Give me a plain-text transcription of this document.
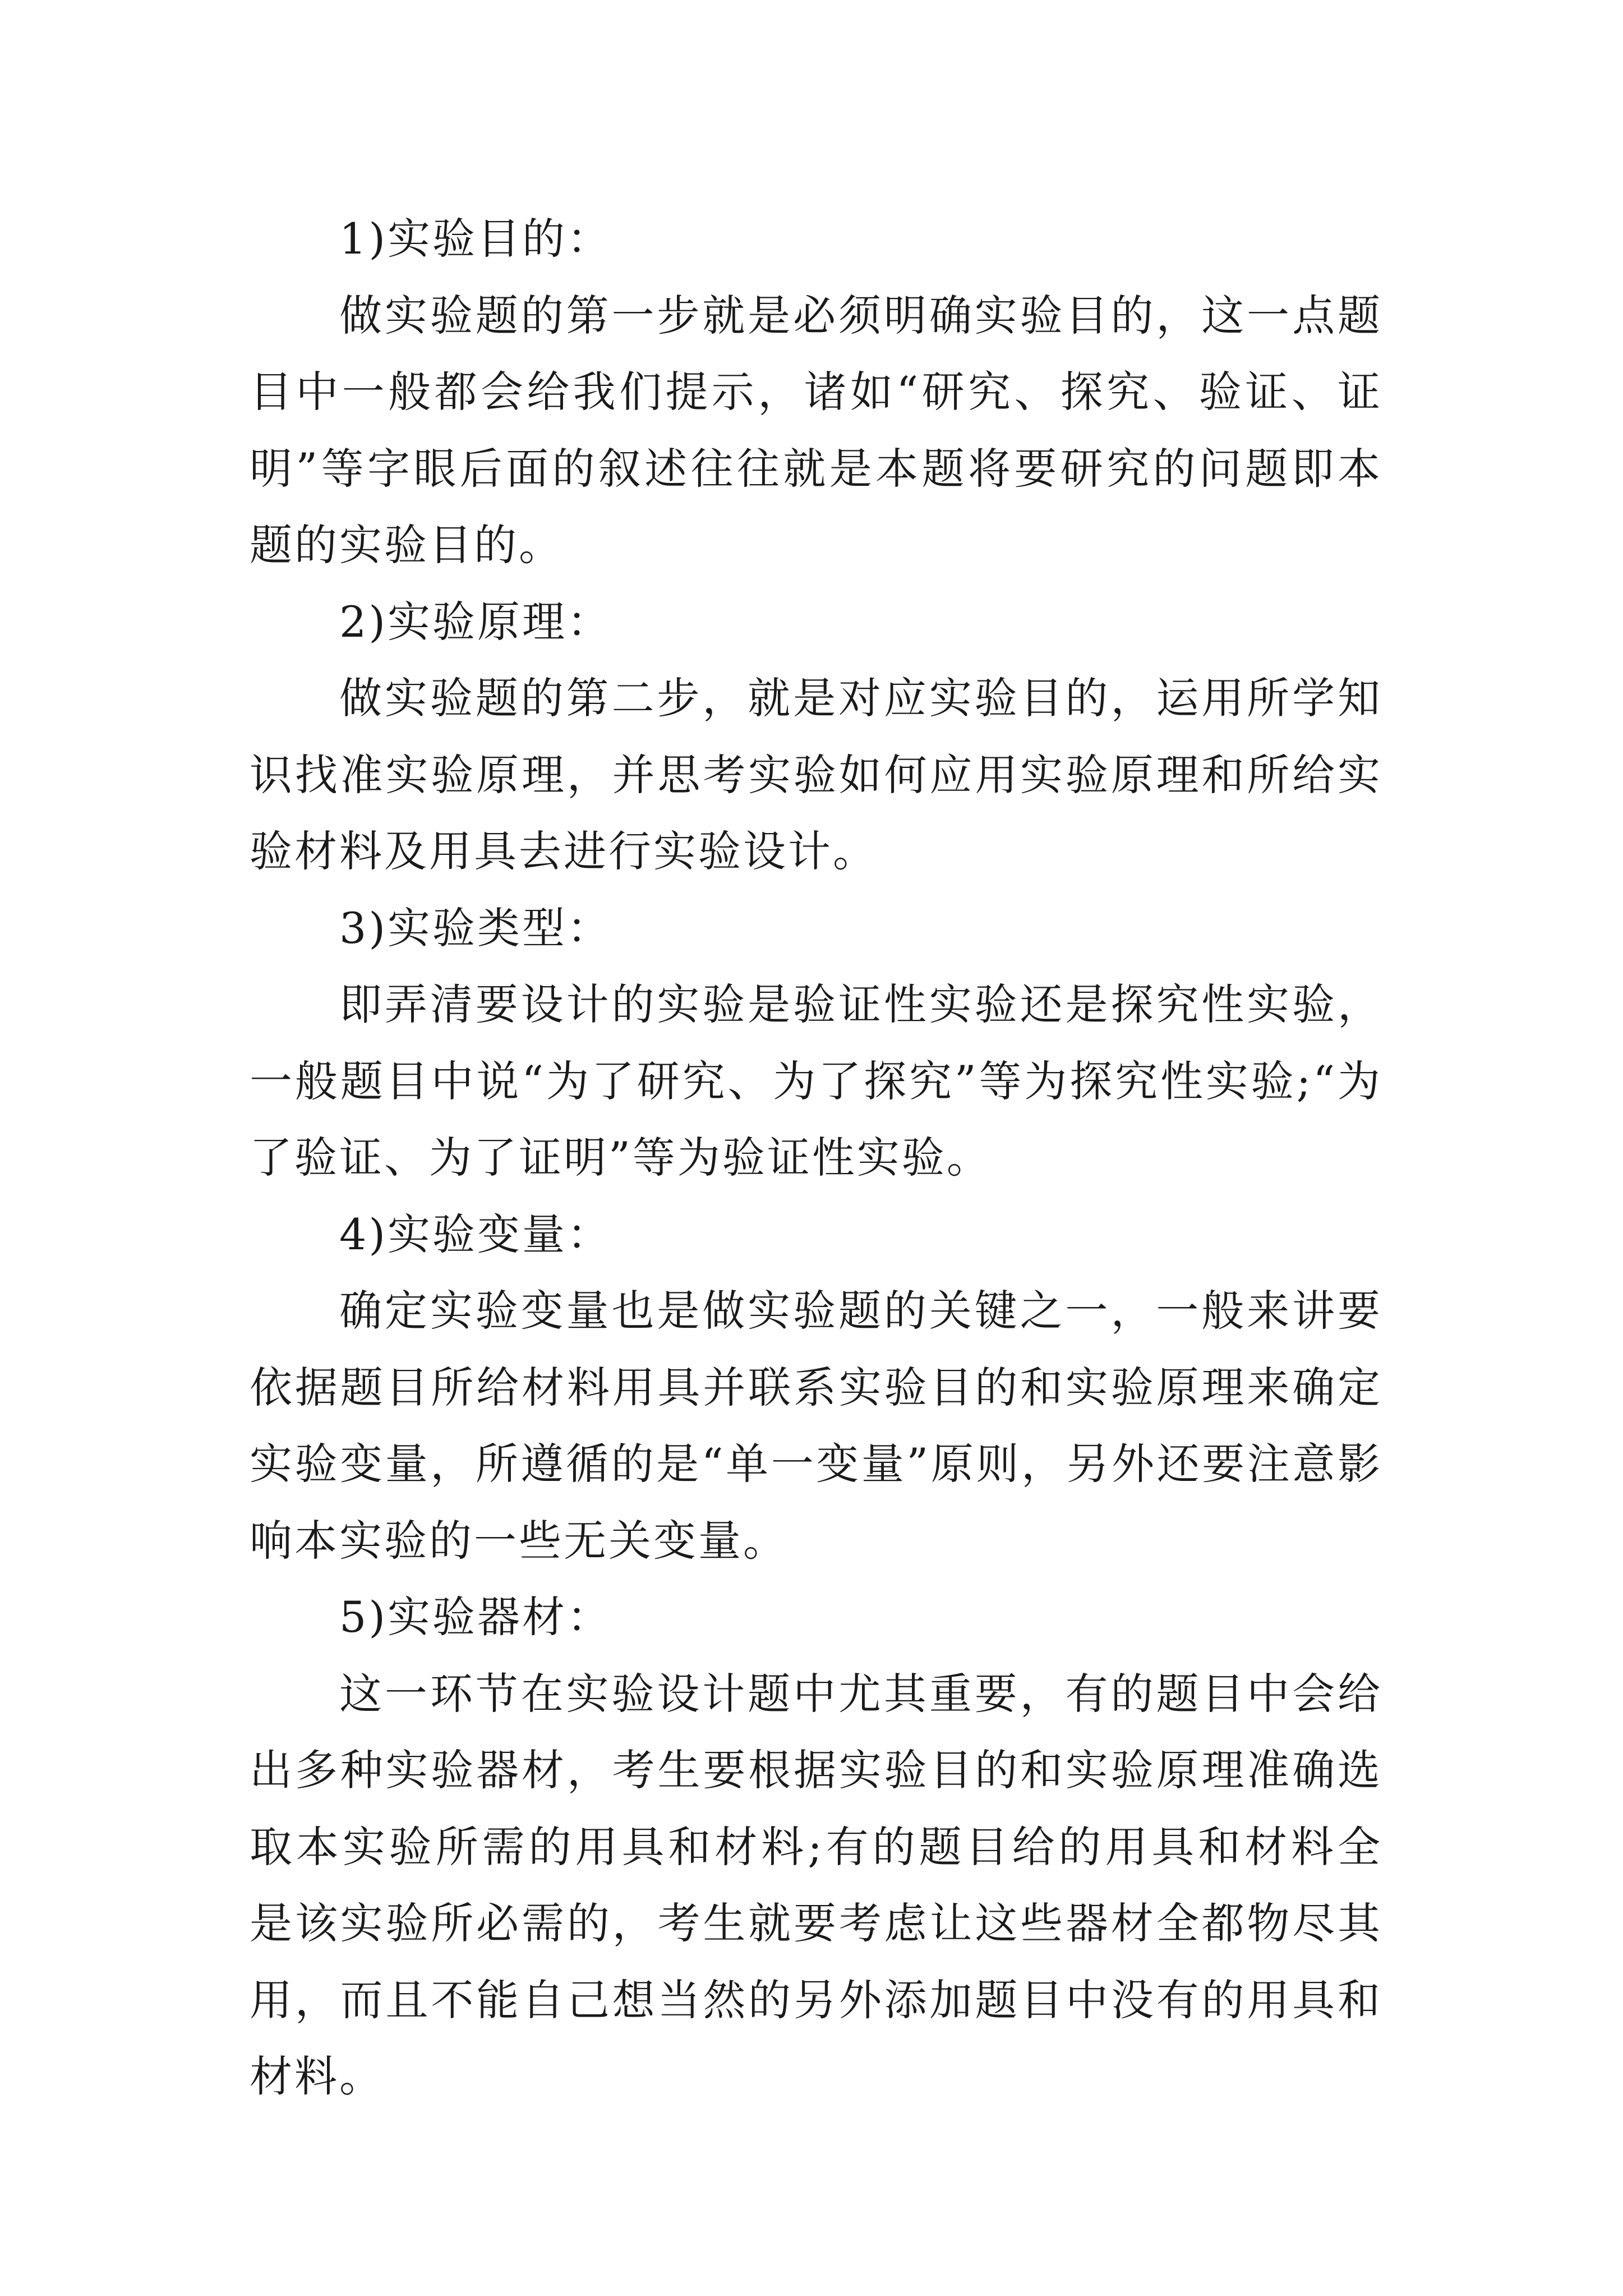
1)实验目的：

做实验题的第一步就是必须明确实验目的，这一点题目中一般都会给我们提示，诸如“研究、探究、验证、证明”等字眼后面的叙述往往就是本题将要研究的问题即本题的实验目的。

2)实验原理：

做实验题的第二步，就是对应实验目的，运用所学知识找准实验原理，并思考实验如何应用实验原理和所给实验材料及用具去进行实验设计。

3)实验类型：

即弄清要设计的实验是验证性实验还是探究性实验，一般题目中说“为了研究、为了探究”等为探究性实验;“为了验证、为了证明”等为验证性实验。

4)实验变量：

确定实验变量也是做实验题的关键之一，一般来讲要依据题目所给材料用具并联系实验目的和实验原理来确定实验变量，所遵循的是“单一变量”原则，另外还要注意影响本实验的一些无关变量。

5)实验器材：

这一环节在实验设计题中尤其重要，有的题目中会给出多种实验器材，考生要根据实验目的和实验原理准确选取本实验所需的用具和材料;有的题目给的用具和材料全是该实验所必需的，考生就要考虑让这些器材全都物尽其用，而且不能自己想当然的另外添加题目中没有的用具和材料。
